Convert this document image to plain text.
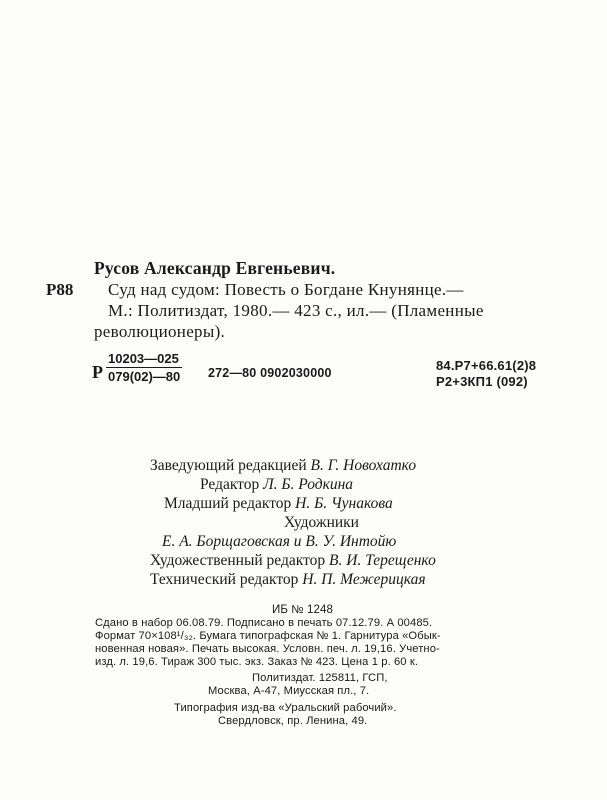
Русов Александр Евгеньевич.
Р88 Суд над судом: Повесть о Богдане Кнунянце.—
М.: Политиздат, 1980.— 423 с., ил.— (Пламенные
революционеры).
Р $\frac{10203—025}{079(02)—80}$ 272—80 0902030000	84.Р7+66.61(2)8
Р2+3КП1 (092)
Заведующий редакцией В. Г. Новохатко
Редактор Л. Б. Родкина
Младший редактор Н. Б. Чунакова
Художники
Е. А. Борщаговская и В. У. Интойю
Художественный редактор В. И. Терещенко
Технический редактор Н. П. Межерицкая
ИБ № 1248
Сдано в набор 06.08.79. Подписано в печать 07.12.79. А 00485.
Формат 70×108¹/₃₂. Бумага типографская № 1. Гарнитура «Обык-
новенная новая». Печать высокая. Условн. печ. л. 19,16. Учетно-
изд. л. 19,6. Тираж 300 тыс. экз. Заказ № 423. Цена 1 р. 60 к.
Политиздат. 125811, ГСП,
Москва, А-47, Миусская пл., 7.
Типография изд-ва «Уральский рабочий».
Свердловск, пр. Ленина, 49.
